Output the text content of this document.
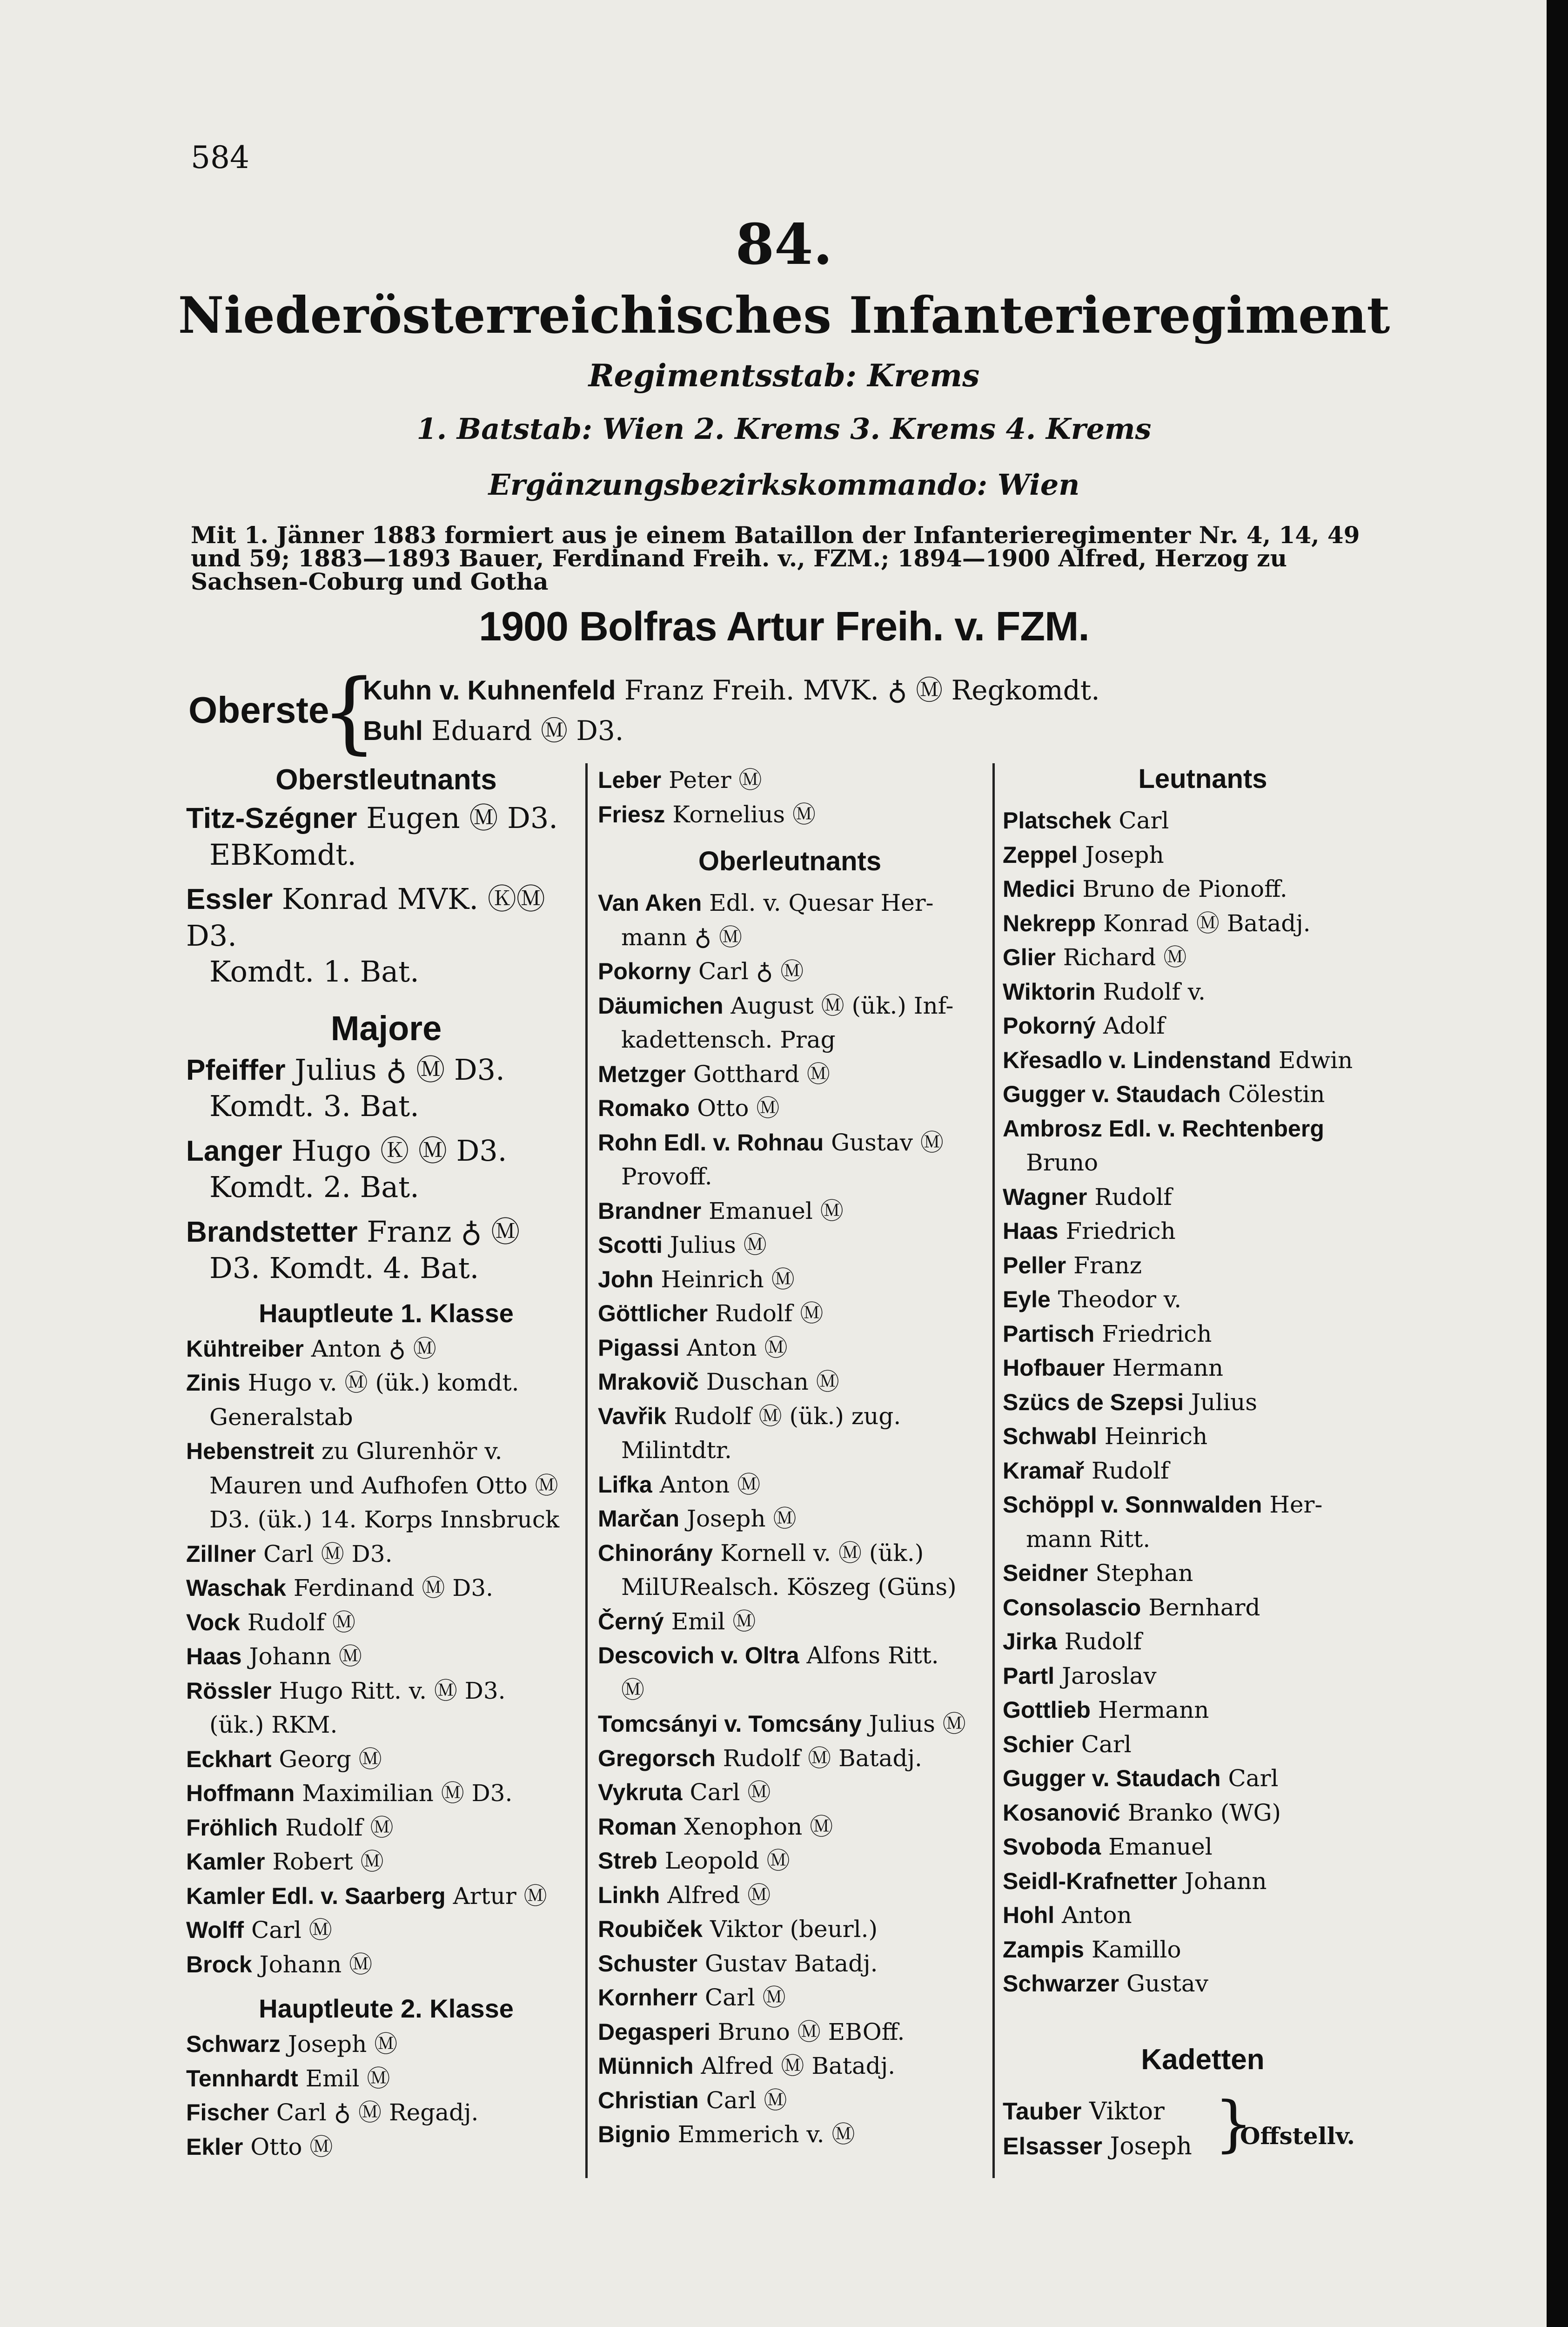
584
84.
Niederösterreichisches Infanterieregiment
Regimentsstab: Krems
1. Batstab: Wien 2. Krems 3. Krems 4. Krems
Ergänzungsbezirkskommando: Wien
Mit 1. Jänner 1883 formiert aus je einem Bataillon der Infanterieregimenter Nr. 4, 14, 49 und 59; 1883—1893 Bauer, Ferdinand Freih. v., FZM.; 1894—1900 Alfred, Herzog zu Sachsen-Coburg und Gotha
1900 Bolfras Artur Freih. v. FZM.
Oberste
{
Kuhn v. Kuhnenfeld Franz Freih. MVK. ♁ Ⓜ Regkomdt.
Buhl Eduard Ⓜ D3.
Oberstleutnants

Titz-Szégner Eugen Ⓜ D3.
EBKomdt.

Essler Konrad MVK. ⓀⓂ D3.
Komdt. 1. Bat.

Majore

Pfeiffer Julius ♁ Ⓜ D3.
Komdt. 3. Bat.

Langer Hugo Ⓚ Ⓜ D3.
Komdt. 2. Bat.

Brandstetter Franz ♁ Ⓜ
D3. Komdt. 4. Bat.

Hauptleute 1. Klasse

Kühtreiber Anton ♁ Ⓜ

Zinis Hugo v. Ⓜ (ük.) komdt.
Generalstab

Hebenstreit zu Glurenhör v.
Mauren und Aufhofen Otto Ⓜ D3. (ük.) 14. Korps Innsbruck

Zillner Carl Ⓜ D3.

Waschak Ferdinand Ⓜ D3.

Vock Rudolf Ⓜ

Haas Johann Ⓜ

Rössler Hugo Ritt. v. Ⓜ D3.
(ük.) RKM.

Eckhart Georg Ⓜ

Hoffmann Maximilian Ⓜ D3.

Fröhlich Rudolf Ⓜ

Kamler Robert Ⓜ

Kamler Edl. v. Saarberg Artur Ⓜ

Wolff Carl Ⓜ

Brock Johann Ⓜ

Hauptleute 2. Klasse

Schwarz Joseph Ⓜ

Tennhardt Emil Ⓜ

Fischer Carl ♁ Ⓜ Regadj.

Ekler Otto Ⓜ

Leber Peter Ⓜ

Friesz Kornelius Ⓜ

Oberleutnants

Van Aken Edl. v. Quesar Her-
mann ♁ Ⓜ

Pokorny Carl ♁ Ⓜ

Däumichen August Ⓜ (ük.) Inf-
kadettensch. Prag

Metzger Gotthard Ⓜ

Romako Otto Ⓜ

Rohn Edl. v. Rohnau Gustav Ⓜ
Provoff.

Brandner Emanuel Ⓜ

Scotti Julius Ⓜ

John Heinrich Ⓜ

Göttlicher Rudolf Ⓜ

Pigassi Anton Ⓜ

Mrakovič Duschan Ⓜ

Vavřik Rudolf Ⓜ (ük.) zug.
Milintdtr.

Lifka Anton Ⓜ

Marčan Joseph Ⓜ

Chinorány Kornell v. Ⓜ (ük.)
MilURealsch. Köszeg (Güns)

Černý Emil Ⓜ

Descovich v. Oltra Alfons Ritt.
Ⓜ

Tomcsányi v. Tomcsány Julius Ⓜ

Gregorsch Rudolf Ⓜ Batadj.

Vykruta Carl Ⓜ

Roman Xenophon Ⓜ

Streb Leopold Ⓜ

Linkh Alfred Ⓜ

Roubiček Viktor (beurl.)

Schuster Gustav Batadj.

Kornherr Carl Ⓜ

Degasperi Bruno Ⓜ EBOff.

Münnich Alfred Ⓜ Batadj.

Christian Carl Ⓜ

Bignio Emmerich v. Ⓜ

Leutnants

Platschek Carl

Zeppel Joseph

Medici Bruno de Pionoff.

Nekrepp Konrad Ⓜ Batadj.

Glier Richard Ⓜ

Wiktorin Rudolf v.

Pokorný Adolf

Křesadlo v. Lindenstand Edwin

Gugger v. Staudach Cölestin

Ambrosz Edl. v. Rechtenberg
Bruno

Wagner Rudolf

Haas Friedrich

Peller Franz

Eyle Theodor v.

Partisch Friedrich

Hofbauer Hermann

Szücs de Szepsi Julius

Schwabl Heinrich

Kramař Rudolf

Schöppl v. Sonnwalden Her-
mann Ritt.

Seidner Stephan

Consolascio Bernhard

Jirka Rudolf

Partl Jaroslav

Gottlieb Hermann

Schier Carl

Gugger v. Staudach Carl

Kosanović Branko (WG)

Svoboda Emanuel

Seidl-Krafnetter Johann

Hohl Anton

Zampis Kamillo

Schwarzer Gustav

Kadetten
Tauber Viktor
Elsasser Joseph }
Offstellv.
